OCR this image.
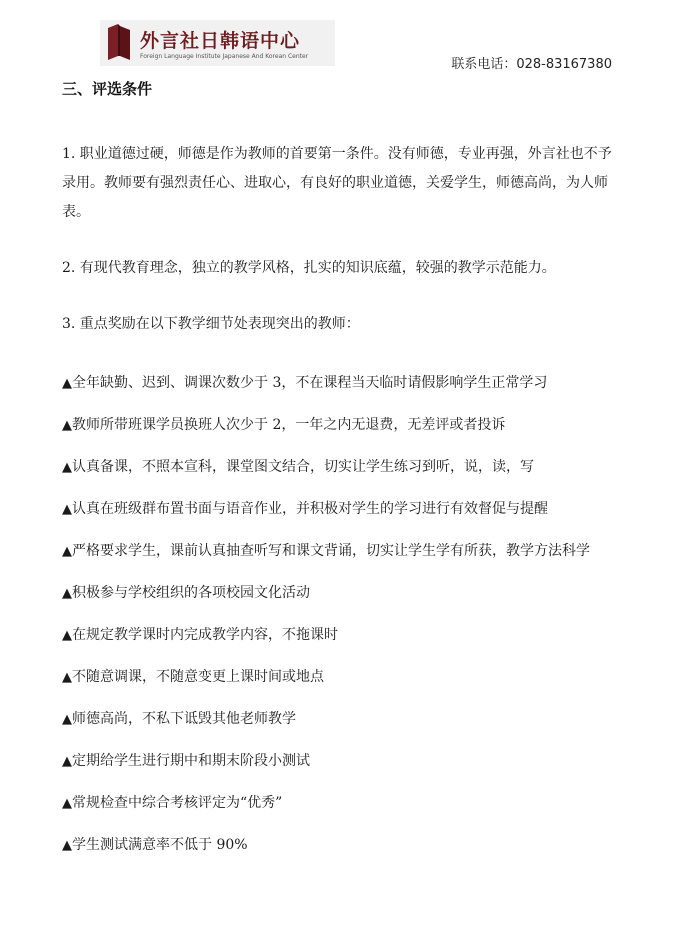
外言社日韩语中心
Foreign Language Institute Japanese And Korean Center
联系电话：028-83167380
三、评选条件

1. 职业道德过硬，师德是作为教师的首要第一条件。没有师德，专业再强，外言社也不予录用。教师要有强烈责任心、进取心，有良好的职业道德，关爱学生，师德高尚，为人师表。

2. 有现代教育理念，独立的教学风格，扎实的知识底蕴，较强的教学示范能力。

3. 重点奖励在以下教学细节处表现突出的教师：

▲全年缺勤、迟到、调课次数少于 3，不在课程当天临时请假影响学生正常学习

▲教师所带班课学员换班人次少于 2，一年之内无退费，无差评或者投诉

▲认真备课，不照本宣科，课堂图文结合，切实让学生练习到听，说，读，写

▲认真在班级群布置书面与语音作业，并积极对学生的学习进行有效督促与提醒

▲严格要求学生，课前认真抽查听写和课文背诵，切实让学生学有所获，教学方法科学

▲积极参与学校组织的各项校园文化活动

▲在规定教学课时内完成教学内容，不拖课时

▲不随意调课，不随意变更上课时间或地点

▲师德高尚，不私下诋毁其他老师教学

▲定期给学生进行期中和期末阶段小测试

▲常规检查中综合考核评定为“优秀”

▲学生测试满意率不低于 90%
